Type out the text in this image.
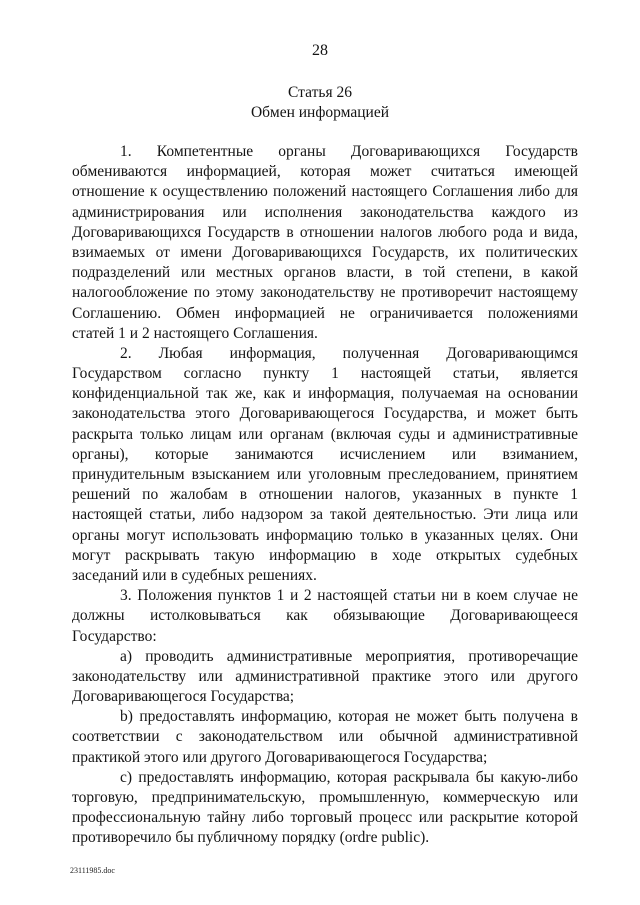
28
Статья 26
Обмен информацией
1. Компетентные органы Договаривающихся Государств
обмениваются информацией, которая может считаться имеющей
отношение к осуществлению положений настоящего Соглашения либо для
администрирования или исполнения законодательства каждого из
Договаривающихся Государств в отношении налогов любого рода и вида,
взимаемых от имени Договаривающихся Государств, их политических
подразделений или местных органов власти, в той степени, в какой
налогообложение по этому законодательству не противоречит настоящему
Соглашению. Обмен информацией не ограничивается положениями
статей 1 и 2 настоящего Соглашения.
2. Любая информация, полученная Договаривающимся
Государством согласно пункту 1 настоящей статьи, является
конфиденциальной так же, как и информация, получаемая на основании
законодательства этого Договаривающегося Государства, и может быть
раскрыта только лицам или органам (включая суды и административные
органы), которые занимаются исчислением или взиманием,
принудительным взысканием или уголовным преследованием, принятием
решений по жалобам в отношении налогов, указанных в пункте 1
настоящей статьи, либо надзором за такой деятельностью. Эти лица или
органы могут использовать информацию только в указанных целях. Они
могут раскрывать такую информацию в ходе открытых судебных
заседаний или в судебных решениях.
3. Положения пунктов 1 и 2 настоящей статьи ни в коем случае не
должны истолковываться как обязывающие Договаривающееся
Государство:
а) проводить административные мероприятия, противоречащие
законодательству или административной практике этого или другого
Договаривающегося Государства;
b) предоставлять информацию, которая не может быть получена в
соответствии с законодательством или обычной административной
практикой этого или другого Договаривающегося Государства;
c) предоставлять информацию, которая раскрывала бы какую-либо
торговую, предпринимательскую, промышленную, коммерческую или
профессиональную тайну либо торговый процесс или раскрытие которой
противоречило бы публичному порядку (ordre public).
23111985.doc
